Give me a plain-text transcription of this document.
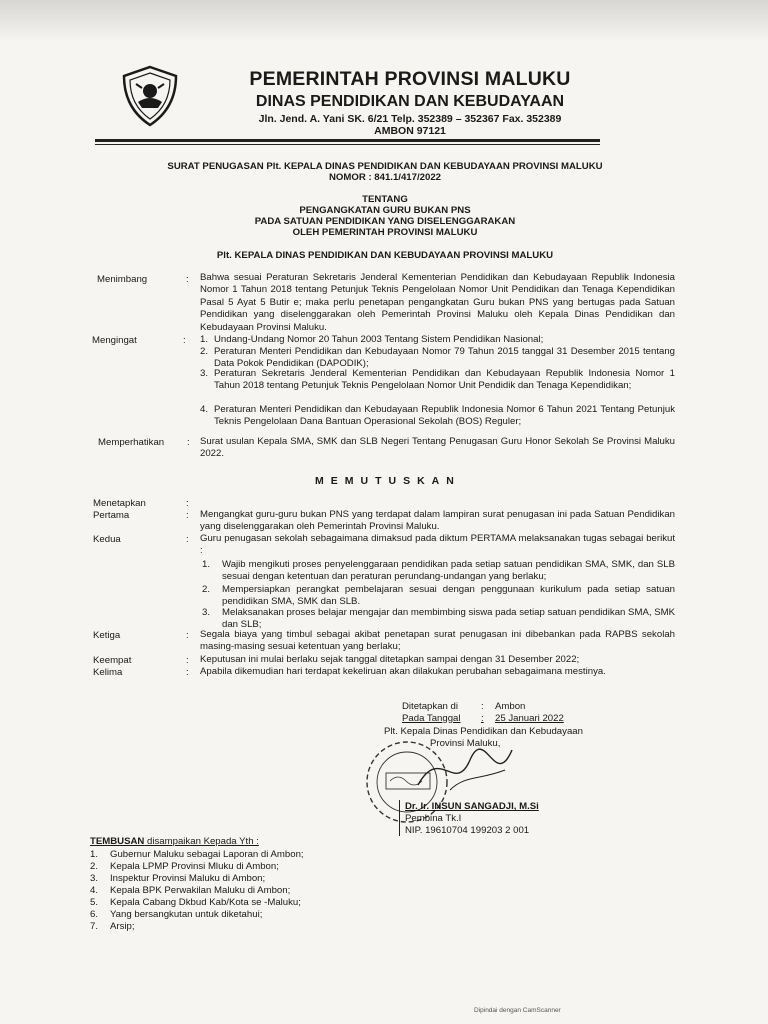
PEMERINTAH PROVINSI MALUKU
DINAS PENDIDIKAN DAN KEBUDAYAAN
Jln. Jend. A. Yani SK. 6/21 Telp. 352389 – 352367 Fax. 352389
AMBON 97121
SURAT PENUGASAN Plt. KEPALA DINAS PENDIDIKAN DAN KEBUDAYAAN PROVINSI MALUKU
NOMOR : 841.1/417/2022
TENTANG
PENGANGKATAN GURU BUKAN PNS
PADA SATUAN PENDIDIKAN YANG DISELENGGARAKAN
OLEH PEMERINTAH PROVINSI MALUKU
Plt. KEPALA DINAS PENDIDIKAN DAN KEBUDAYAAN PROVINSI MALUKU
Menimbang	: Bahwa sesuai Peraturan Sekretaris Jenderal Kementerian Pendidikan dan Kebudayaan Republik Indonesia Nomor 1 Tahun 2018 tentang Petunjuk Teknis Pengelolaan Nomor Unit Pendidikan dan Tenaga Kependidikan Pasal 5 Ayat 5 Butir e; maka perlu penetapan pengangkatan Guru bukan PNS yang bertugas pada Satuan Pendidikan yang diselenggarakan oleh Pemerintah Provinsi Maluku oleh Kepala Dinas Pendidikan dan Kebudayaan Provinsi Maluku.
Mengingat	: 1. Undang-Undang Nomor 20 Tahun 2003 Tentang Sistem Pendidikan Nasional;
2. Peraturan Menteri Pendidikan dan Kebudayaan Nomor 79 Tahun 2015 tanggal 31 Desember 2015 tentang Data Pokok Pendidikan (DAPODIK);
3. Peraturan Sekretaris Jenderal Kementerian Pendidikan dan Kebudayaan Republik Indonesia Nomor 1 Tahun 2018 tentang Petunjuk Teknis Pengelolaan Nomor Unit Pendidik dan Tenaga Kependidikan;
4. Peraturan Menteri Pendidikan dan Kebudayaan Republik Indonesia Nomor 6 Tahun 2021 Tentang Petunjuk Teknis Pengelolaan Dana Bantuan Operasional Sekolah (BOS) Reguler;
Memperhatikan : Surat usulan Kepala SMA, SMK dan SLB Negeri Tentang Penugasan Guru Honor Sekolah Se Provinsi Maluku 2022.
MEMUTUSKAN
Menetapkan	:
Pertama	: Mengangkat guru-guru bukan PNS yang terdapat dalam lampiran surat penugasan ini pada Satuan Pendidikan yang diselenggarakan oleh Pemerintah Provinsi Maluku.
Kedua	: Guru penugasan sekolah sebagaimana dimaksud pada diktum PERTAMA melaksanakan tugas sebagai berikut :
1. Wajib mengikuti proses penyelenggaraan pendidikan pada setiap satuan pendidikan SMA, SMK, dan SLB sesuai dengan ketentuan dan peraturan perundang-undangan yang berlaku;
2. Mempersiapkan perangkat pembelajaran sesuai dengan penggunaan kurikulum pada setiap satuan pendidikan SMA, SMK dan SLB.
3. Melaksanakan proses belajar mengajar dan membimbing siswa pada setiap satuan pendidikan SMA, SMK dan SLB;
Ketiga	: Segala biaya yang timbul sebagai akibat penetapan surat penugasan ini dibebankan pada RAPBS sekolah masing-masing sesuai ketentuan yang berlaku;
Keempat	: Keputusan ini mulai berlaku sejak tanggal ditetapkan sampai dengan 31 Desember 2022;
Kelima	: Apabila dikemudian hari terdapat kekeliruan akan dilakukan perubahan sebagaimana mestinya.
Ditetapkan di : Ambon
Pada Tanggal : 25 Januari 2022
Plt. Kepala Dinas Pendidikan dan Kebudayaan
Provinsi Maluku,
Dr. Ir. INSUN SANGADJI, M.Si
Pembina Tk.I
NIP. 19610704 199203 2 001
TEMBUSAN disampaikan Kepada Yth :
1. Gubernur Maluku sebagai Laporan di Ambon;
2. Kepala LPMP Provinsi Mluku di Ambon;
3. Inspektur Provinsi Maluku di Ambon;
4. Kepala BPK Perwakilan Maluku di Ambon;
5. Kepala Cabang Dkbud Kab/Kota se -Maluku;
6. Yang bersangkutan untuk diketahui;
7. Arsip;
Dipindai dengan CamScanner
